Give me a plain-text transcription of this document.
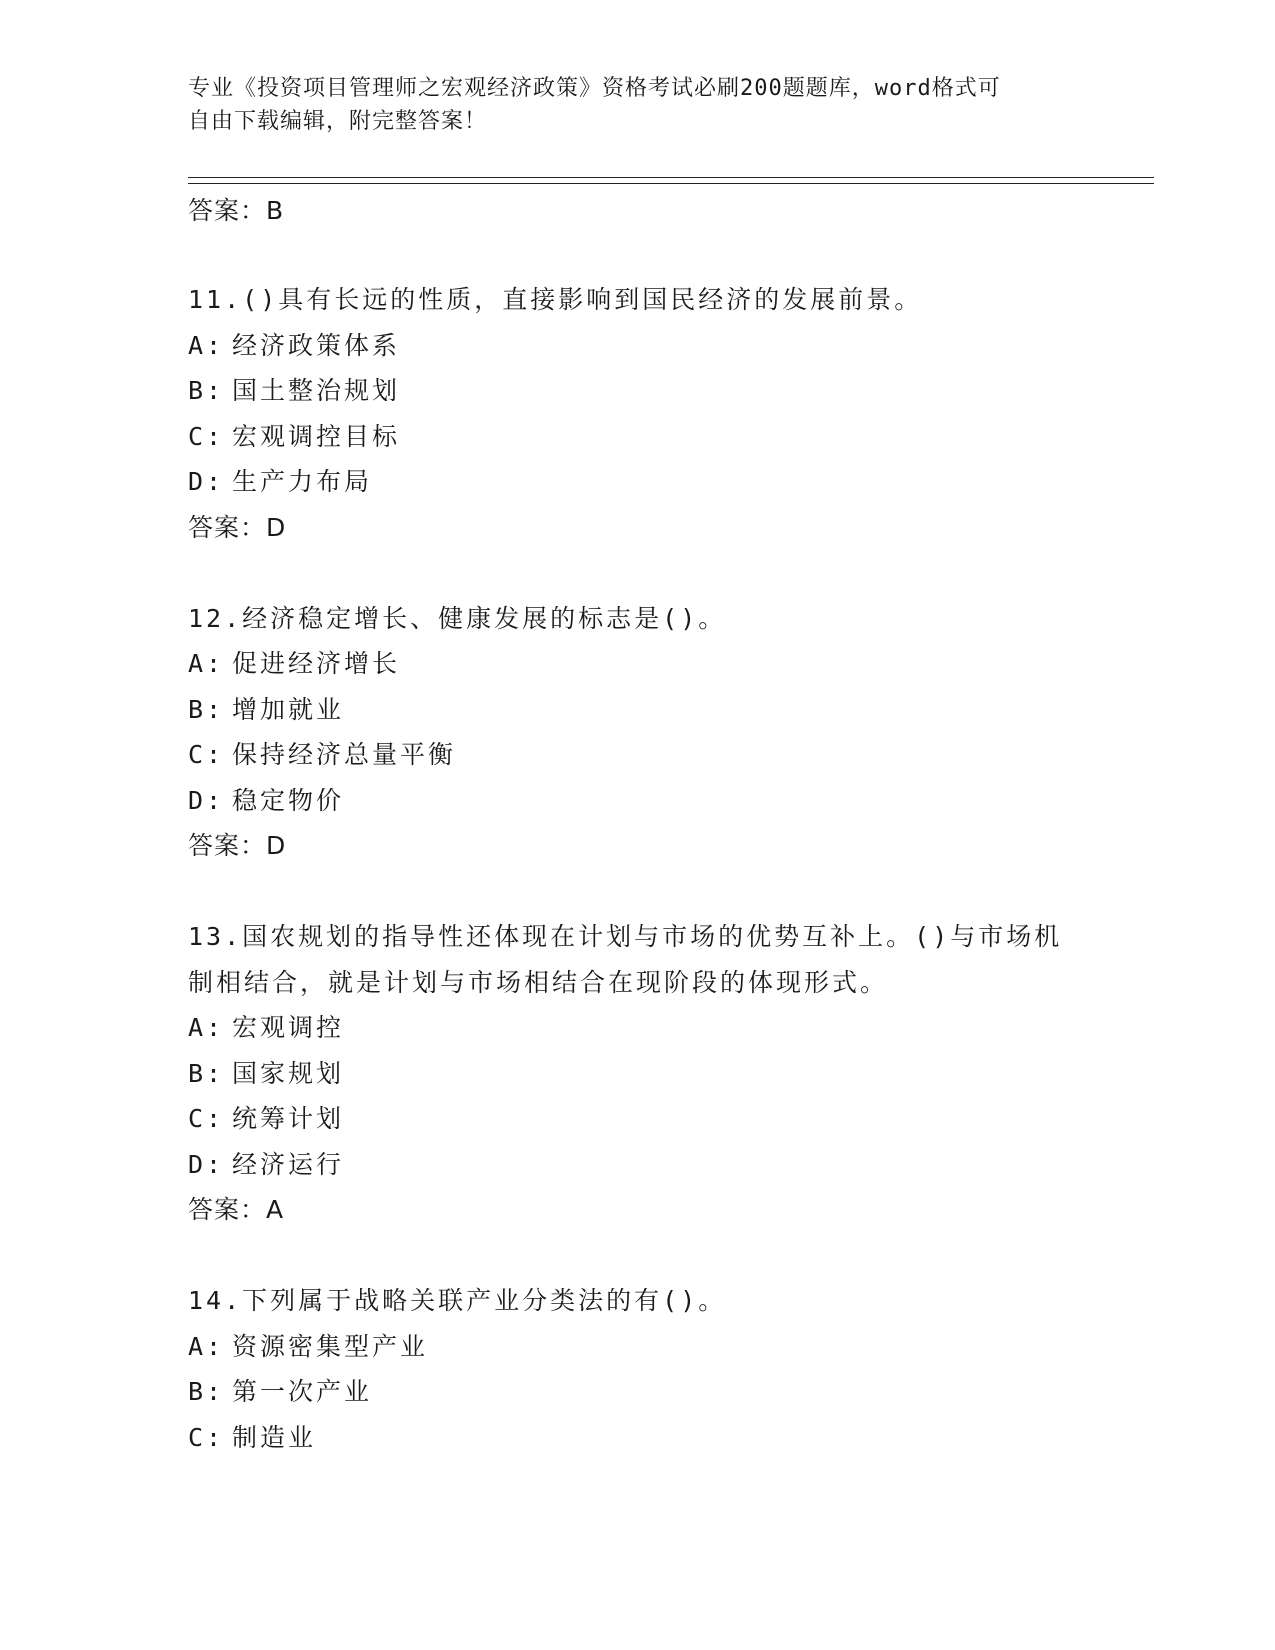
专业《投资项目管理师之宏观经济政策》资格考试必刷200题题库，word格式可
自由下载编辑，附完整答案！
答案：B
11.()具有长远的性质，直接影响到国民经济的发展前景。
A: 经济政策体系
B: 国土整治规划
C: 宏观调控目标
D: 生产力布局
答案：D
12.经济稳定增长、健康发展的标志是()。
A: 促进经济增长
B: 增加就业
C: 保持经济总量平衡
D: 稳定物价
答案：D
13.国农规划的指导性还体现在计划与市场的优势互补上。()与市场机制相结合，就是计划与市场相结合在现阶段的体现形式。
A: 宏观调控
B: 国家规划
C: 统筹计划
D: 经济运行
答案：A
14.下列属于战略关联产业分类法的有()。
A: 资源密集型产业
B: 第一次产业
C: 制造业
